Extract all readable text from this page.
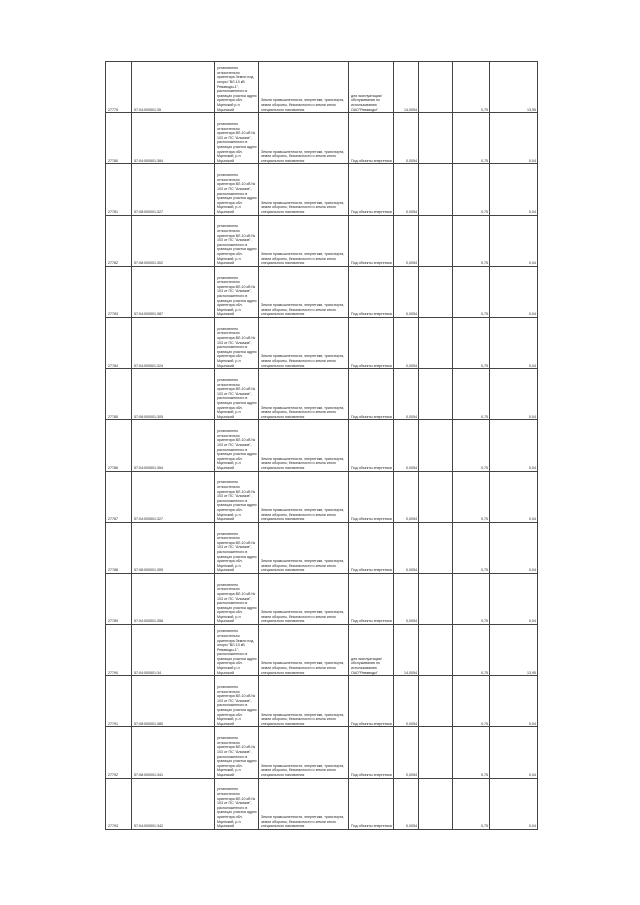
27779	57:04:000501:35	установлено относительно ориентира Земли под опоры "ВЛ-10 кВ Реваводы-1", расположенного в границах участка адрес ориентира обл. Мценский р-н Мцынский	Земли промышленности, энергетики, транспорта, земли обороны, безопасности и земли иного специального назначения	для эксплуатации/обслуживания по использованию ОАО"Реваводы"	14,0054		0,75	13,95
27780	57:04:000501:384	установлено относительно ориентира ВЛ-10 кВ № 103 от ПС "Алымов", расположенного в границах участка адрес ориентира обл. Мценский, р-н Мцынский	Земли промышленности, энергетики, транспорта, земли обороны, безопасности и земли иного специального назначения	Под объекты энергетики	0,0054		0,75	0,04
27781	57:08:000001:327	установлено относительно ориентира ВЛ-10 кВ № 103 от ПС "Алымов", расположенного в границах участка адрес ориентира обл. Мценский, р-н Мцынский	Земли промышленности, энергетики, транспорта, земли обороны, безопасности и земли иного специального назначения	Под объекты энергетики	0,0054		0,75	0,04
27782	57:08:000001:302	установлено относительно ориентира ВЛ-10 кВ № 103 от ПС "Алымов", расположенного в границах участка адрес ориентира обл. Мценский, р-н Мцынский	Земли промышленности, энергетики, транспорта, земли обороны, безопасности и земли иного специального назначения	Под объекты энергетики	0,0054		0,75	0,04
27783	57:04:000501:387	установлено относительно ориентира ВЛ-10 кВ № 103 от ПС "Алымов", расположенного в границах участка адрес ориентира обл. Мценский, р-н Мцынский	Земли промышленности, энергетики, транспорта, земли обороны, безопасности и земли иного специального назначения	Под объекты энергетики	0,0054		0,75	0,04
27784	57:04:000501:324	установлено относительно ориентира ВЛ-10 кВ № 103 от ПС "Алымов", расположенного в границах участка адрес ориентира обл. Мценский, р-н Мцынский	Земли промышленности, энергетики, транспорта, земли обороны, безопасности и земли иного специального назначения	Под объекты энергетики	0,0054		0,75	0,04
27785	57:08:000001:305	установлено относительно ориентира ВЛ-10 кВ № 103 от ПС "Алымов", расположенного в границах участка адрес ориентира обл. Мценский, р-н Мцынский	Земли промышленности, энергетики, транспорта, земли обороны, безопасности и земли иного специального назначения	Под объекты энергетики	0,0054		0,75	0,04
27786	57:04:000501:354	установлено относительно ориентира ВЛ-10 кВ № 103 от ПС "Алымов", расположенного в границах участка адрес ориентира обл. Мценский, р-н Мцынский	Земли промышленности, энергетики, транспорта, земли обороны, безопасности и земли иного специального назначения	Под объекты энергетики	0,0054		0,75	0,04
27787	57:04:000501:327	установлено относительно ориентира ВЛ-10 кВ № 103 от ПС "Алымов", расположенного в границах участка адрес ориентира обл. Мценский, р-н Мцынский	Земли промышленности, энергетики, транспорта, земли обороны, безопасности и земли иного специального назначения	Под объекты энергетики	0,0054		0,75	0,04
27788	57:08:000001:305	установлено относительно ориентира ВЛ-10 кВ № 103 от ПС "Алымов", расположенного в границах участка адрес ориентира обл. Мценский, р-н Мцынский	Земли промышленности, энергетики, транспорта, земли обороны, безопасности и земли иного специального назначения	Под объекты энергетики	0,0054		0,75	0,04
27789	57:04:000501:358	установлено относительно ориентира ВЛ-10 кВ № 103 от ПС "Алымов", расположенного в границах участка адрес ориентира обл. Мценский, р-н Мцынский	Земли промышленности, энергетики, транспорта, земли обороны, безопасности и земли иного специального назначения	Под объекты энергетики	0,0054		0,75	0,04
27790	57:04:000501:34	установлено относительно ориентира Земли под опоры "ВЛ-10 кВ Реваводы-1", расположенного в границах участка адрес ориентира обл. Мценский р-н Мцынский	Земли промышленности, энергетики, транспорта, земли обороны, безопасности и земли иного специального назначения	для эксплуатации/обслуживания по использованию ОАО"Реваводы"	14,0054		0,75	13,95
27791	57:08:000001:380	установлено относительно ориентира ВЛ-10 кВ № 103 от ПС "Алымов", расположенного в границах участка адрес ориентира обл. Мценский, р-н Мцынский	Земли промышленности, энергетики, транспорта, земли обороны, безопасности и земли иного специального назначения	Под объекты энергетики	0,0054		0,75	0,04
27792	57:08:000001:341	установлено относительно ориентира ВЛ-10 кВ № 103 от ПС "Алымов", расположенного в границах участка адрес ориентира обл. Мценский, р-н Мцынский	Земли промышленности, энергетики, транспорта, земли обороны, безопасности и земли иного специального назначения	Под объекты энергетики	0,0054		0,75	0,04
27793	57:04:000501:342	установлено относительно ориентира ВЛ-10 кВ № 103 от ПС "Алымов", расположенного в границах участка адрес ориентира обл. Мценский, р-н Мцынский	Земли промышленности, энергетики, транспорта, земли обороны, безопасности и земли иного специального назначения	Под объекты энергетики	0,0054		0,75	0,04
